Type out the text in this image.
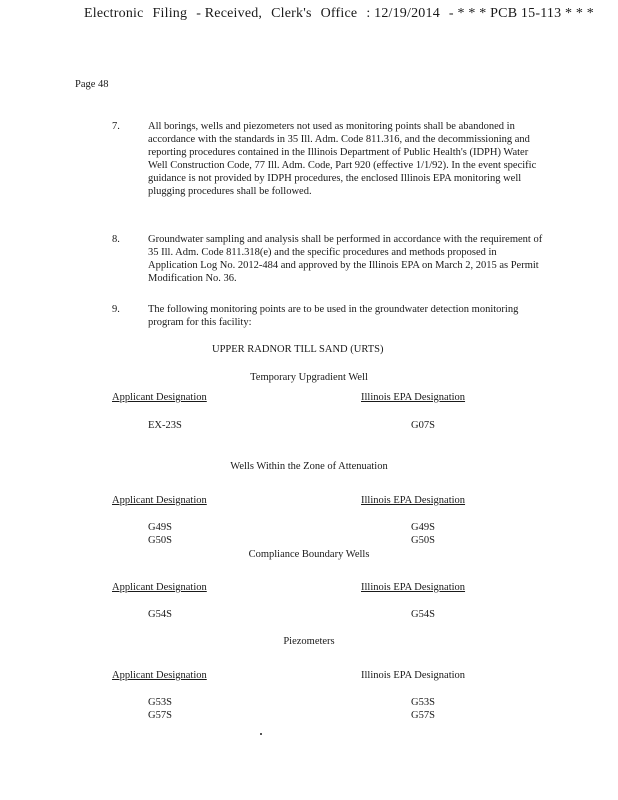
Electronic Filing - Received, Clerk's Office : 12/19/2014 - * * * PCB 15-113 * * *
Page 48
7.	All borings, wells and piezometers not used as monitoring points shall be abandoned in accordance with the standards in 35 Ill. Adm. Code 811.316, and the decommissioning and reporting procedures contained in the Illinois Department of Public Health's (IDPH) Water Well Construction Code, 77 Ill. Adm. Code, Part 920 (effective 1/1/92). In the event specific guidance is not provided by IDPH procedures, the enclosed Illinois EPA monitoring well plugging procedures shall be followed.
8.	Groundwater sampling and analysis shall be performed in accordance with the requirement of 35 Ill. Adm. Code 811.318(e) and the specific procedures and methods proposed in Application Log No. 2012-484 and approved by the Illinois EPA on March 2, 2015 as Permit Modification No. 36.
9.	The following monitoring points are to be used in the groundwater detection monitoring program for this facility:
UPPER RADNOR TILL SAND (URTS)
Temporary Upgradient Well
Applicant Designation	Illinois EPA Designation
EX-23S	G07S
Wells Within the Zone of Attenuation
Applicant Designation	Illinois EPA Designation
G49S	G49S
G50S	G50S
Compliance Boundary Wells
Applicant Designation	Illinois EPA Designation
G54S	G54S
Piezometers
Applicant Designation	Illinois EPA Designation
G53S	G53S
G57S	G57S
